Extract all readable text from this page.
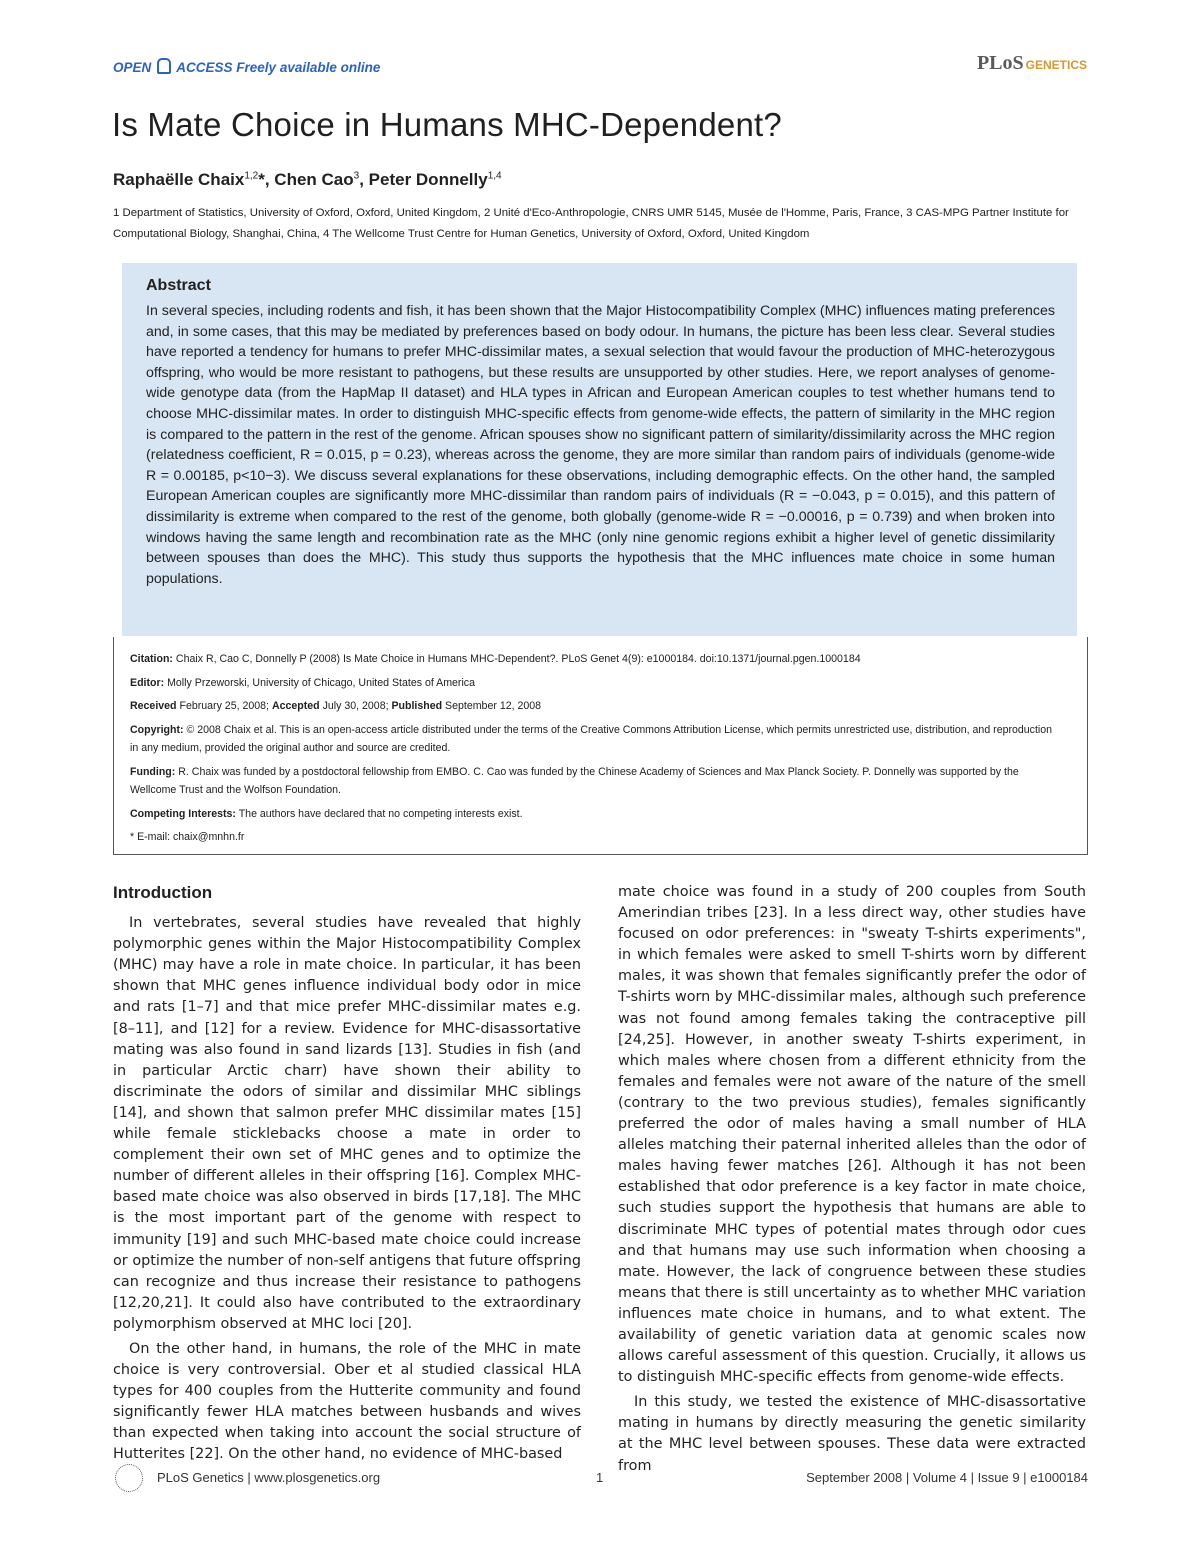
OPEN ACCESS Freely available online	PLoS GENETICS
Is Mate Choice in Humans MHC-Dependent?
Raphaëlle Chaix$^{1,2}$*, Chen Cao$^3$, Peter Donnelly$^{1,4}$
1 Department of Statistics, University of Oxford, Oxford, United Kingdom, 2 Unité d'Eco-Anthropologie, CNRS UMR 5145, Musée de l'Homme, Paris, France, 3 CAS-MPG Partner Institute for Computational Biology, Shanghai, China, 4 The Wellcome Trust Centre for Human Genetics, University of Oxford, Oxford, United Kingdom
Abstract

In several species, including rodents and fish, it has been shown that the Major Histocompatibility Complex (MHC) influences mating preferences and, in some cases, that this may be mediated by preferences based on body odour. In humans, the picture has been less clear. Several studies have reported a tendency for humans to prefer MHC-dissimilar mates, a sexual selection that would favour the production of MHC-heterozygous offspring, who would be more resistant to pathogens, but these results are unsupported by other studies. Here, we report analyses of genome-wide genotype data (from the HapMap II dataset) and HLA types in African and European American couples to test whether humans tend to choose MHC-dissimilar mates. In order to distinguish MHC-specific effects from genome-wide effects, the pattern of similarity in the MHC region is compared to the pattern in the rest of the genome. African spouses show no significant pattern of similarity/dissimilarity across the MHC region (relatedness coefficient, R = 0.015, p = 0.23), whereas across the genome, they are more similar than random pairs of individuals (genome-wide R = 0.00185, p<10−3). We discuss several explanations for these observations, including demographic effects. On the other hand, the sampled European American couples are significantly more MHC-dissimilar than random pairs of individuals (R = −0.043, p = 0.015), and this pattern of dissimilarity is extreme when compared to the rest of the genome, both globally (genome-wide R = −0.00016, p = 0.739) and when broken into windows having the same length and recombination rate as the MHC (only nine genomic regions exhibit a higher level of genetic dissimilarity between spouses than does the MHC). This study thus supports the hypothesis that the MHC influences mate choice in some human populations.

Citation: Chaix R, Cao C, Donnelly P (2008) Is Mate Choice in Humans MHC-Dependent?. PLoS Genet 4(9): e1000184. doi:10.1371/journal.pgen.1000184
Editor: Molly Przeworski, University of Chicago, United States of America
Received February 25, 2008; Accepted July 30, 2008; Published September 12, 2008
Copyright: © 2008 Chaix et al. This is an open-access article distributed under the terms of the Creative Commons Attribution License, which permits unrestricted use, distribution, and reproduction in any medium, provided the original author and source are credited.
Funding: R. Chaix was funded by a postdoctoral fellowship from EMBO. C. Cao was funded by the Chinese Academy of Sciences and Max Planck Society. P. Donnelly was supported by the Wellcome Trust and the Wolfson Foundation.
Competing Interests: The authors have declared that no competing interests exist.
* E-mail: chaix@mnhn.fr
Introduction

In vertebrates, several studies have revealed that highly polymorphic genes within the Major Histocompatibility Complex (MHC) may have a role in mate choice. In particular, it has been shown that MHC genes influence individual body odor in mice and rats [1–7] and that mice prefer MHC-dissimilar mates e.g. [8–11], and [12] for a review. Evidence for MHC-disassortative mating was also found in sand lizards [13]. Studies in fish (and in particular Arctic charr) have shown their ability to discriminate the odors of similar and dissimilar MHC siblings [14], and shown that salmon prefer MHC dissimilar mates [15] while female sticklebacks choose a mate in order to complement their own set of MHC genes and to optimize the number of different alleles in their offspring [16]. Complex MHC-based mate choice was also observed in birds [17,18]. The MHC is the most important part of the genome with respect to immunity [19] and such MHC-based mate choice could increase or optimize the number of non-self antigens that future offspring can recognize and thus increase their resistance to pathogens [12,20,21]. It could also have contributed to the extraordinary polymorphism observed at MHC loci [20].

On the other hand, in humans, the role of the MHC in mate choice is very controversial. Ober et al studied classical HLA types for 400 couples from the Hutterite community and found significantly fewer HLA matches between husbands and wives than expected when taking into account the social structure of Hutterites [22]. On the other hand, no evidence of MHC-based

mate choice was found in a study of 200 couples from South Amerindian tribes [23]. In a less direct way, other studies have focused on odor preferences: in "sweaty T-shirts experiments", in which females were asked to smell T-shirts worn by different males, it was shown that females significantly prefer the odor of T-shirts worn by MHC-dissimilar males, although such preference was not found among females taking the contraceptive pill [24,25]. However, in another sweaty T-shirts experiment, in which males where chosen from a different ethnicity from the females and females were not aware of the nature of the smell (contrary to the two previous studies), females significantly preferred the odor of males having a small number of HLA alleles matching their paternal inherited alleles than the odor of males having fewer matches [26]. Although it has not been established that odor preference is a key factor in mate choice, such studies support the hypothesis that humans are able to discriminate MHC types of potential mates through odor cues and that humans may use such information when choosing a mate. However, the lack of congruence between these studies means that there is still uncertainty as to whether MHC variation influences mate choice in humans, and to what extent. The availability of genetic variation data at genomic scales now allows careful assessment of this question. Crucially, it allows us to distinguish MHC-specific effects from genome-wide effects.

In this study, we tested the existence of MHC-disassortative mating in humans by directly measuring the genetic similarity at the MHC level between spouses. These data were extracted from

PLoS Genetics | www.plosgenetics.org	1	September 2008 | Volume 4 | Issue 9 | e1000184
